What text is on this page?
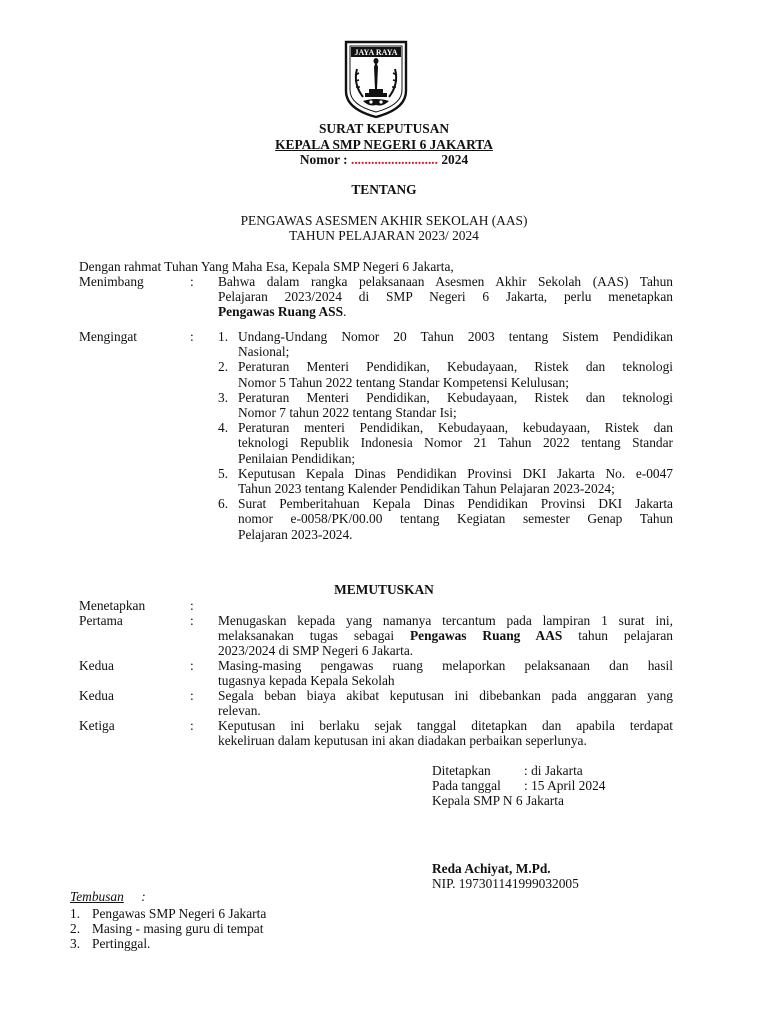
JAYA RAYA
SURAT KEPUTUSAN
KEPALA SMP NEGERI 6 JAKARTA
Nomor : .......................... 2024
TENTANG
PENGAWAS ASESMEN AKHIR SEKOLAH (AAS)
TAHUN PELAJARAN 2023/ 2024
Dengan rahmat Tuhan Yang Maha Esa, Kepala SMP Negeri 6 Jakarta,
Menimbang	: Bahwa dalam rangka pelaksanaan Asesmen Akhir Sekolah (AAS) Tahun
Pelajaran 2023/2024 di SMP Negeri 6 Jakarta, perlu menetapkan
Pengawas Ruang ASS.
Mengingat	: 1. Undang-Undang Nomor 20 Tahun 2003 tentang Sistem Pendidikan
Nasional;
2. Peraturan Menteri Pendidikan, Kebudayaan, Ristek dan teknologi
Nomor 5 Tahun 2022 tentang Standar Kompetensi Kelulusan;
3. Peraturan Menteri Pendidikan, Kebudayaan, Ristek dan teknologi
Nomor 7 tahun 2022 tentang Standar Isi;
4. Peraturan menteri Pendidikan, Kebudayaan, kebudayaan, Ristek dan
teknologi Republik Indonesia Nomor 21 Tahun 2022 tentang Standar
Penilaian Pendidikan;
5. Keputusan Kepala Dinas Pendidikan Provinsi DKI Jakarta No. e-0047
Tahun 2023 tentang Kalender Pendidikan Tahun Pelajaran 2023-2024;
6. Surat Pemberitahuan Kepala Dinas Pendidikan Provinsi DKI Jakarta
nomor e-0058/PK/00.00 tentang Kegiatan semester Genap Tahun
Pelajaran 2023-2024.
MEMUTUSKAN
Menetapkan	:
Pertama	: Menugaskan kepada yang namanya tercantum pada lampiran 1 surat ini,
melaksanakan tugas sebagai Pengawas Ruang AAS tahun pelajaran
2023/2024 di SMP Negeri 6 Jakarta.
Kedua	: Masing-masing pengawas ruang melaporkan pelaksanaan dan hasil
tugasnya kepada Kepala Sekolah
Kedua	: Segala beban biaya akibat keputusan ini dibebankan pada anggaran yang
relevan.
Ketiga	: Keputusan ini berlaku sejak tanggal ditetapkan dan apabila terdapat
kekeliruan dalam keputusan ini akan diadakan perbaikan seperlunya.
Ditetapkan : di Jakarta
Pada tanggal : 15 April 2024
Kepala SMP N 6 Jakarta
Reda Achiyat, M.Pd.
NIP. 197301141999032005
Tembusan :
1. Pengawas SMP Negeri 6 Jakarta
2. Masing - masing guru di tempat
3. Pertinggal.
